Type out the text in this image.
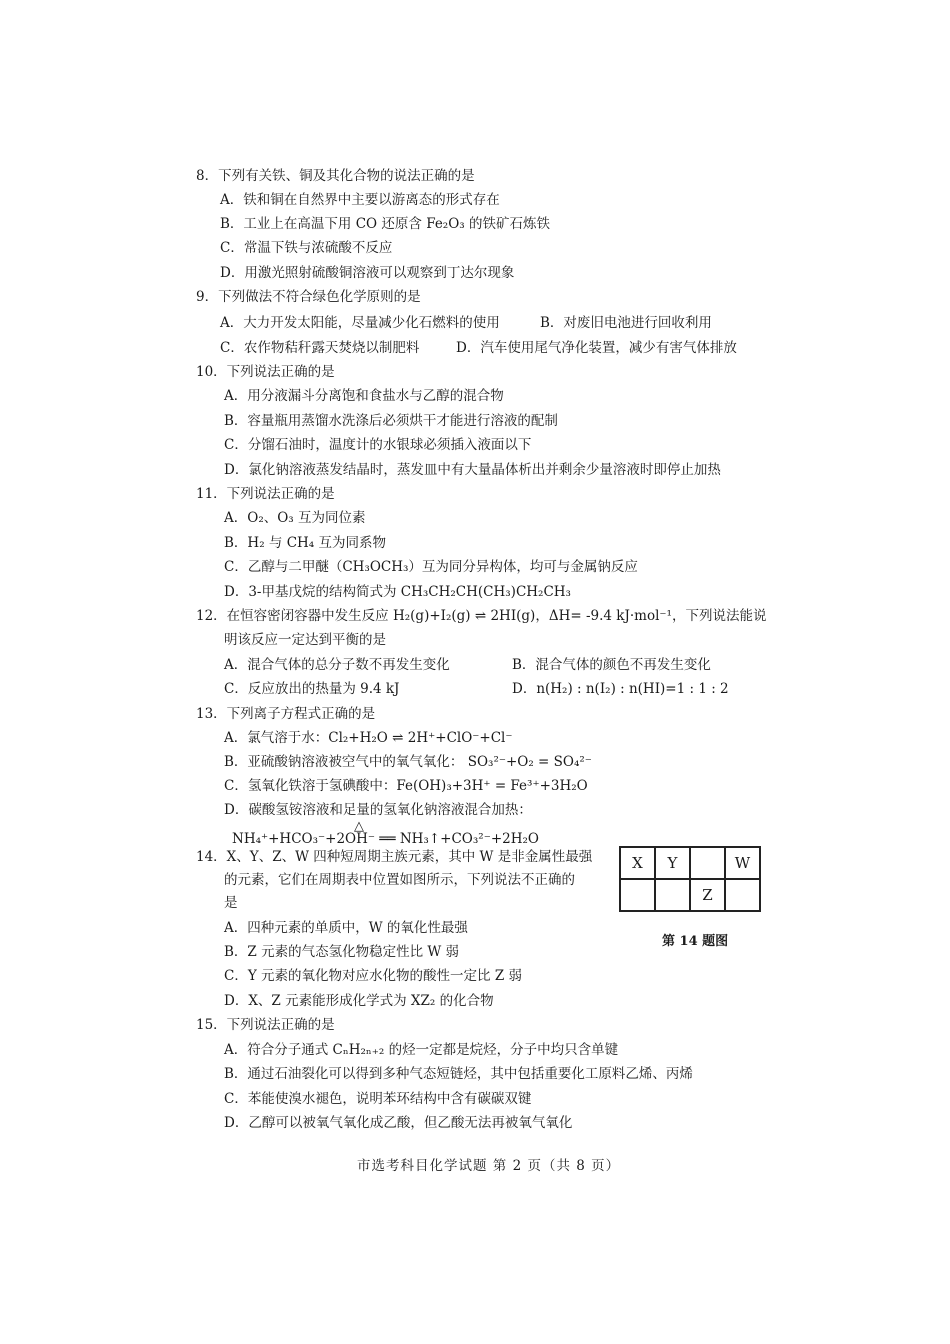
8．下列有关铁、铜及其化合物的说法正确的是
A．铁和铜在自然界中主要以游离态的形式存在
B．工业上在高温下用 CO 还原含 Fe₂O₃ 的铁矿石炼铁
C．常温下铁与浓硫酸不反应
D．用激光照射硫酸铜溶液可以观察到丁达尔现象
9．下列做法不符合绿色化学原则的是
A．大力开发太阳能，尽量减少化石燃料的使用	B．对废旧电池进行回收利用
C．农作物秸秆露天焚烧以制肥料	D．汽车使用尾气净化装置，减少有害气体排放
10．下列说法正确的是
A．用分液漏斗分离饱和食盐水与乙醇的混合物
B．容量瓶用蒸馏水洗涤后必须烘干才能进行溶液的配制
C．分馏石油时，温度计的水银球必须插入液面以下
D．氯化钠溶液蒸发结晶时，蒸发皿中有大量晶体析出并剩余少量溶液时即停止加热
11．下列说法正确的是
A．O₂、O₃ 互为同位素
B．H₂ 与 CH₄ 互为同系物
C．乙醇与二甲醚（CH₃OCH₃）互为同分异构体，均可与金属钠反应
D．3-甲基戊烷的结构简式为 CH₃CH₂CH(CH₃)CH₂CH₃
12．在恒容密闭容器中发生反应 H₂(g)+I₂(g) ⇌ 2HI(g)，ΔH= -9.4 kJ·mol⁻¹，下列说法能说
明该反应一定达到平衡的是
A．混合气体的总分子数不再发生变化	B．混合气体的颜色不再发生变化
C．反应放出的热量为 9.4 kJ	D．n(H₂) : n(I₂) : n(HI)=1 : 1 : 2
13．下列离子方程式正确的是
A．氯气溶于水：Cl₂+H₂O ⇌ 2H⁺+ClO⁻+Cl⁻
B．亚硫酸钠溶液被空气中的氧气氧化： SO₃²⁻+O₂ = SO₄²⁻
C．氢氧化铁溶于氢碘酸中：Fe(OH)₃+3H⁺ = Fe³⁺+3H₂O
D．碳酸氢铵溶液和足量的氢氧化钠溶液混合加热：
△
NH₄⁺+HCO₃⁻+2OH⁻ ══ NH₃↑+CO₃²⁻+2H₂O
14．X、Y、Z、W 四种短周期主族元素，其中 W 是非金属性最强
的元素，它们在周期表中位置如图所示，下列说法不正确的
是
A．四种元素的单质中，W 的氧化性最强
B．Z 元素的气态氢化物稳定性比 W 弱
C．Y 元素的氧化物对应水化物的酸性一定比 Z 弱
D．X、Z 元素能形成化学式为 XZ₂ 的化合物
X	Y		W
		Z	
第 14 题图
15．下列说法正确的是
A．符合分子通式 CₙH₂ₙ₊₂ 的烃一定都是烷烃，分子中均只含单键
B．通过石油裂化可以得到多种气态短链烃，其中包括重要化工原料乙烯、丙烯
C．苯能使溴水褪色，说明苯环结构中含有碳碳双键
D．乙醇可以被氧气氧化成乙酸，但乙酸无法再被氧气氧化
市选考科目化学试题 第 2 页（共 8 页）
